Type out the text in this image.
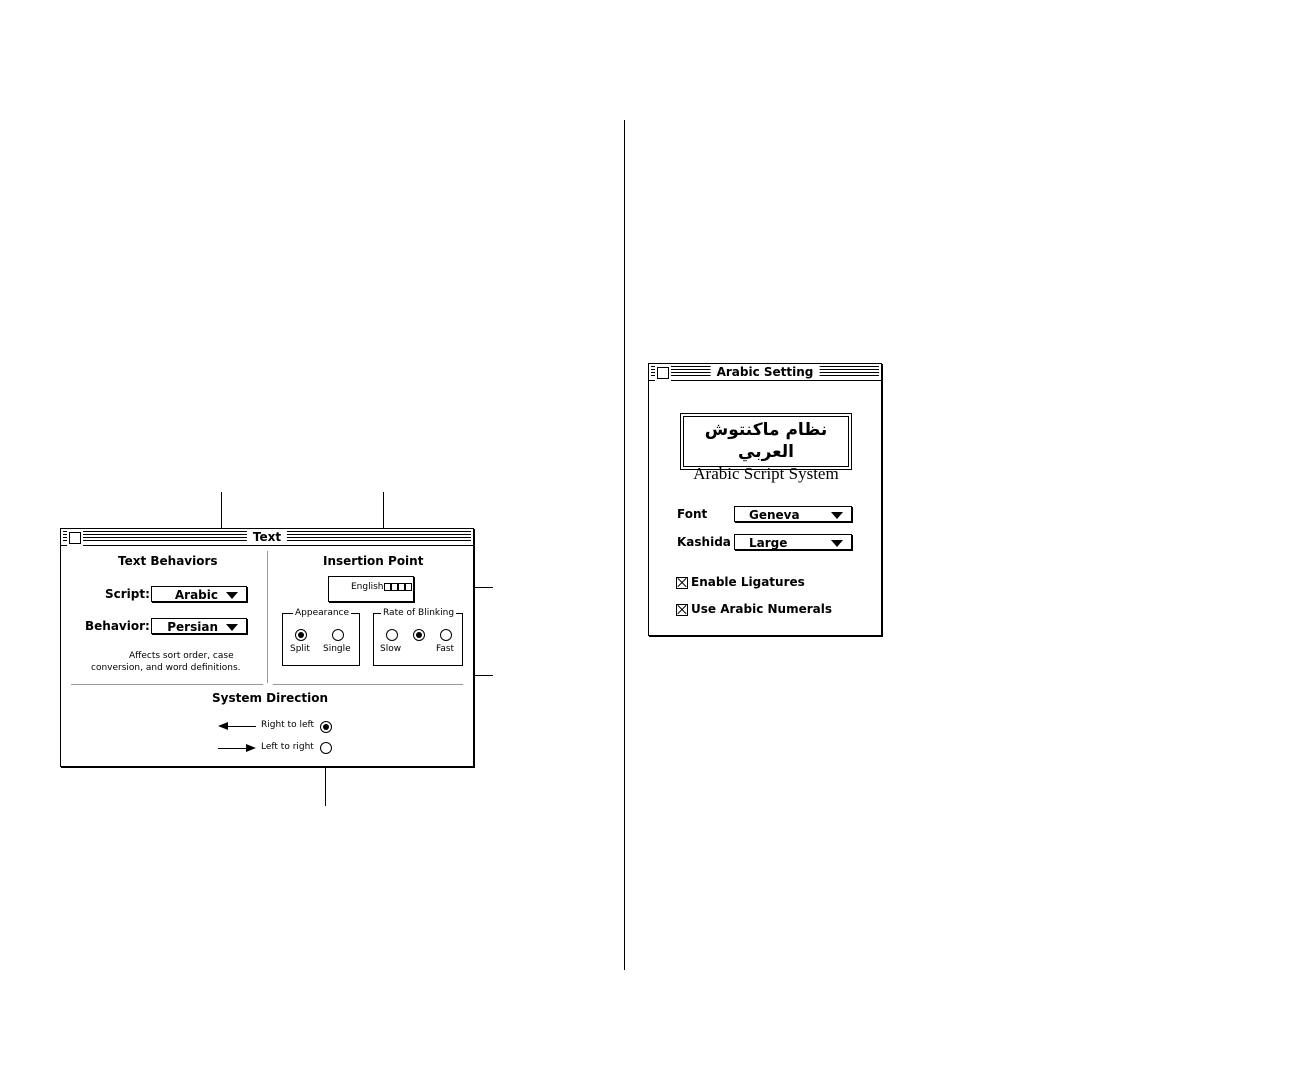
Text
Text Behaviors
Script: Arabic
Behavior: Persian
Affects sort order, case
conversion, and word definitions.
Insertion Point
English
Appearance
Split Single
Rate of Blinking
Slow	Fast
System Direction
Right to left
Left to right
Arabic Setting
نظام ماكنتوش العربي
Arabic Script System
Font	Geneva
Kashida Large
Enable Ligatures
Use Arabic Numerals
